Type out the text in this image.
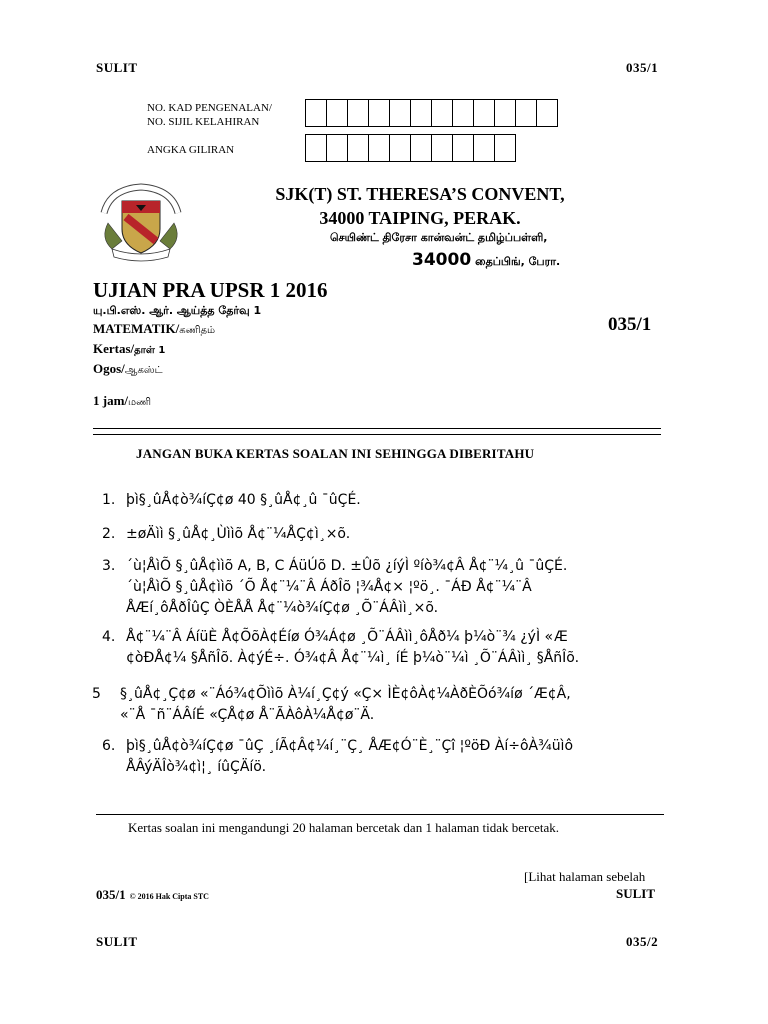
SULIT	035/1
NO. KAD PENGENALAN/
NO. SIJIL KELAHIRAN
ANGKA GILIRAN
SJK(T) ST. THERESA’S CONVENT,
34000 TAIPING, PERAK.
செயிண்ட் திரேசா கான்வன்ட் தமிழ்ப்பள்ளி,
34000 தைப்பிங், பேரா.
UJIAN PRA UPSR 1 2016
யு.பி.எஸ். ஆர். ஆய்த்த தேர்வு 1
MATEMATIK/கணிதம்
Kertas/தாள் 1
Ogos/ஆகஸ்ட்
1 jam/மணி
035/1
JANGAN BUKA KERTAS SOALAN INI SEHINGGA DIBERITAHU
1. þì§¸ûÅ¢ò¾íÇ¢ø 40 §¸ûÅ¢¸û ¯ûÇÉ.
2. ±øÄìì §¸ûÅ¢¸Ùììõ Å¢¨¼ÅÇ¢ì¸×õ.
3. ´ù¦ÅìÕ §¸ûÅ¢ììõ A, B, C ÁüÚõ D. ±Ûõ ¿íýÌ ºíò¾¢Â Å¢¨¼¸û ¯ûÇÉ.
´ù¦ÅìÕ §¸ûÅ¢ììõ ´Õ Å¢¨¼¨Â ÁðÎõ ¦¾Å¢× ¦ºö¸. ¯ÁÐ Å¢¨¼¨Â
ÅÆí¸ôÅðÎûÇ ÒÈÅÅ Å¢¨¼ò¾íÇ¢ø ¸Õ¨ÁÂìì¸×õ.
4. Å¢¨¼¨Â ÁíüÈ Å¢ÕõÀ¢Éíø Ó¾Á¢ø ¸Õ¨ÁÂìì¸ôÅð¼ þ¼ò¨¾ ¿ýÌ «Æ
¢òÐÅ¢¼ §ÅñÎõ. À¢ýÉ÷. Ó¾¢Â Å¢¨¼ì¸ íÉ þ¼ò¨¼ì ¸Õ¨ÁÂìì¸ §ÅñÎõ.
5 §¸ûÅ¢¸Ç¢ø «¨Áó¾¢Õììõ À¼í¸Ç¢ý «Ç× ÌÈ¢ôÀ¢¼ÀðÈÕó¾íø ´Æ¢Â,
«¨Å ¯ñ¨ÁÂíÉ «ÇÅ¢ø Å¨ÃÀôÀ¼Å¢ø¨Ä.
6. þì§¸ûÅ¢ò¾íÇ¢ø ¯ûÇ ¸íÃ¢Â¢¼í¸¨Ç¸ ÅÆ¢Ó¨È¸¨Çî ¦ºöÐ Àí÷ôÀ¾üìô
ÅÂýÄÎò¾¢ì¦¸ íûÇÄíö.
Kertas soalan ini mengandungi 20 halaman bercetak dan 1 halaman tidak bercetak.
[Lihat halaman sebelah
035/1 © 2016 Hak Cipta STC	SULIT
SULIT	035/2
